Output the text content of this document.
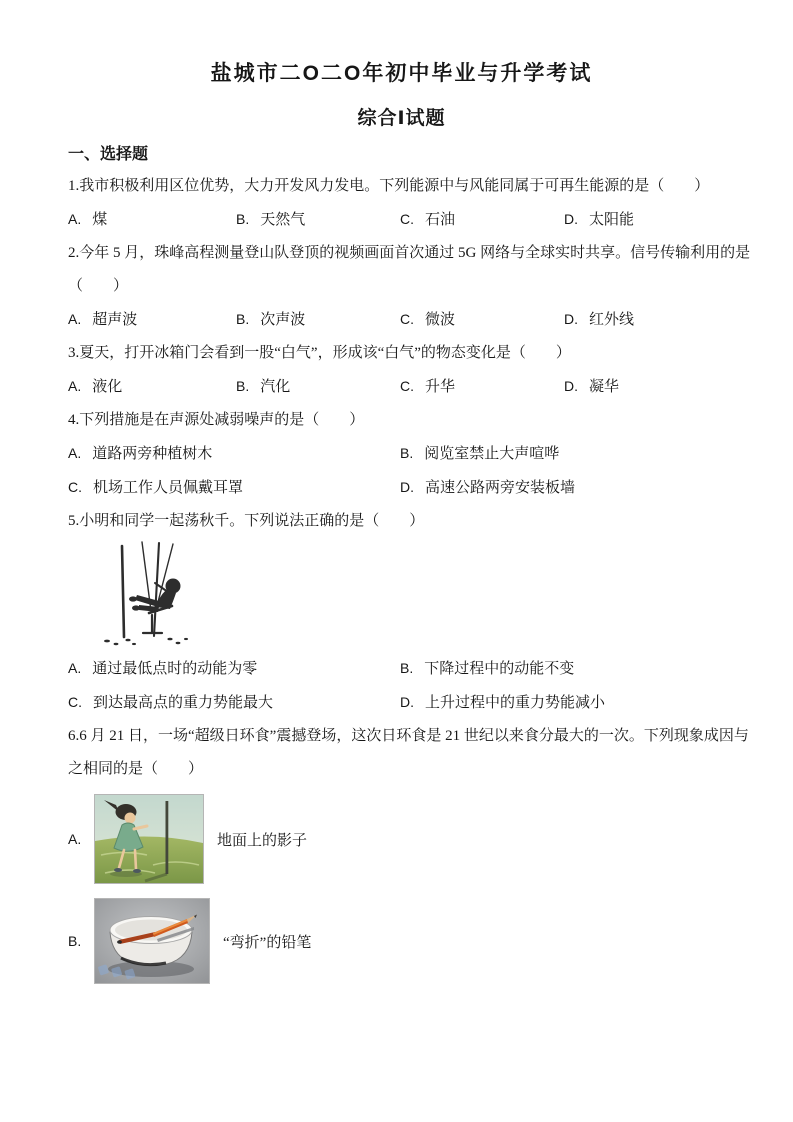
盐城市二O二O年初中毕业与升学考试
综合Ⅰ试题
一、选择题
1.我市积极利用区位优势，大力开发风力发电。下列能源中与风能同属于可再生能源的是（　　）
A. 煤	B. 天然气	C. 石油	D. 太阳能
2.今年 5 月，珠峰高程测量登山队登顶的视频画面首次通过 5G 网络与全球实时共享。信号传输利用的是
（　　）
A. 超声波	B. 次声波	C. 微波	D. 红外线
3.夏天，打开冰箱门会看到一股“白气”，形成该“白气”的物态变化是（　　）
A. 液化	B. 汽化	C. 升华	D. 凝华
4.下列措施是在声源处减弱噪声的是（　　）
A. 道路两旁种植树木	B. 阅览室禁止大声喧哗
C. 机场工作人员佩戴耳罩	D. 高速公路两旁安装板墙
5.小明和同学一起荡秋千。下列说法正确的是（　　）
A. 通过最低点时的动能为零	B. 下降过程中的动能不变
C. 到达最高点的重力势能最大	D. 上升过程中的重力势能减小
6.6 月 21 日，一场“超级日环食”震撼登场，这次日环食是 21 世纪以来食分最大的一次。下列现象成因与
之相同的是（　　）
A.	地面上的影子
B.	“弯折”的铅笔
